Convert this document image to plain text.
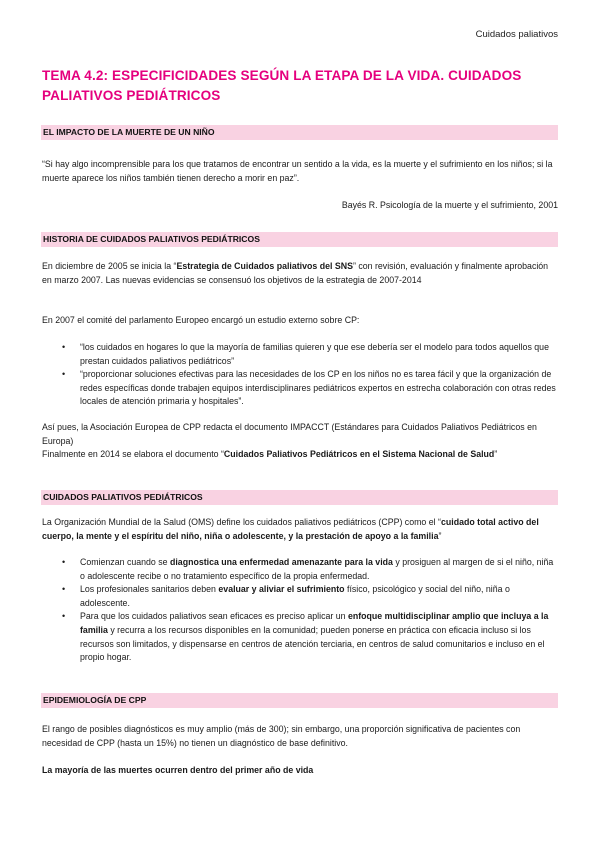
Cuidados paliativos
TEMA 4.2: ESPECIFICIDADES SEGÚN LA ETAPA DE LA VIDA. CUIDADOS PALIATIVOS PEDIÁTRICOS
EL IMPACTO DE LA MUERTE DE UN NIÑO

“Si hay algo incomprensible para los que tratamos de encontrar un sentido a la vida, es la muerte y el sufrimiento en los niños; si la muerte aparece los niños también tienen derecho a morir en paz”.

Bayés R. Psicología de la muerte y el sufrimiento, 2001

HISTORIA DE CUIDADOS PALIATIVOS PEDIÁTRICOS

En diciembre de 2005 se inicia la “Estrategia de Cuidados paliativos del SNS” con revisión, evaluación y finalmente aprobación en marzo 2007. Las nuevas evidencias se consensuó los objetivos de la estrategia de 2007-2014

En 2007 el comité del parlamento Europeo encargó un estudio externo sobre CP:

• “los cuidados en hogares lo que la mayoría de familias quieren y que ese debería ser el modelo para todos aquellos que prestan cuidados paliativos pediátricos”
• “proporcionar soluciones efectivas para las necesidades de los CP en los niños no es tarea fácil y que la organización de redes específicas donde trabajen equipos interdisciplinares pediátricos expertos en estrecha colaboración con otras redes locales de atención primaria y hospitales”.

Así pues, la Asociación Europea de CPP redacta el documento IMPACCT (Estándares para Cuidados Paliativos Pediátricos en Europa)

Finalmente en 2014 se elabora el documento “Cuidados Paliativos Pediátricos en el Sistema Nacional de Salud”

CUIDADOS PALIATIVOS PEDIÁTRICOS

La Organización Mundial de la Salud (OMS) define los cuidados paliativos pediátricos (CPP) como el “cuidado total activo del cuerpo, la mente y el espíritu del niño, niña o adolescente, y la prestación de apoyo a la familia”

• Comienzan cuando se diagnostica una enfermedad amenazante para la vida y prosiguen al margen de si el niño, niña o adolescente recibe o no tratamiento específico de la propia enfermedad.
• Los profesionales sanitarios deben evaluar y aliviar el sufrimiento físico, psicológico y social del niño, niña o adolescente.
• Para que los cuidados paliativos sean eficaces es preciso aplicar un enfoque multidisciplinar amplio que incluya a la familia y recurra a los recursos disponibles en la comunidad; pueden ponerse en práctica con eficacia incluso si los recursos son limitados, y dispensarse en centros de atención terciaria, en centros de salud comunitarios e incluso en el propio hogar.
EPIDEMIOLOGÍA DE CPP

El rango de posibles diagnósticos es muy amplio (más de 300); sin embargo, una proporción significativa de pacientes con necesidad de CPP (hasta un 15%) no tienen un diagnóstico de base definitivo.

La mayoría de las muertes ocurren dentro del primer año de vida
